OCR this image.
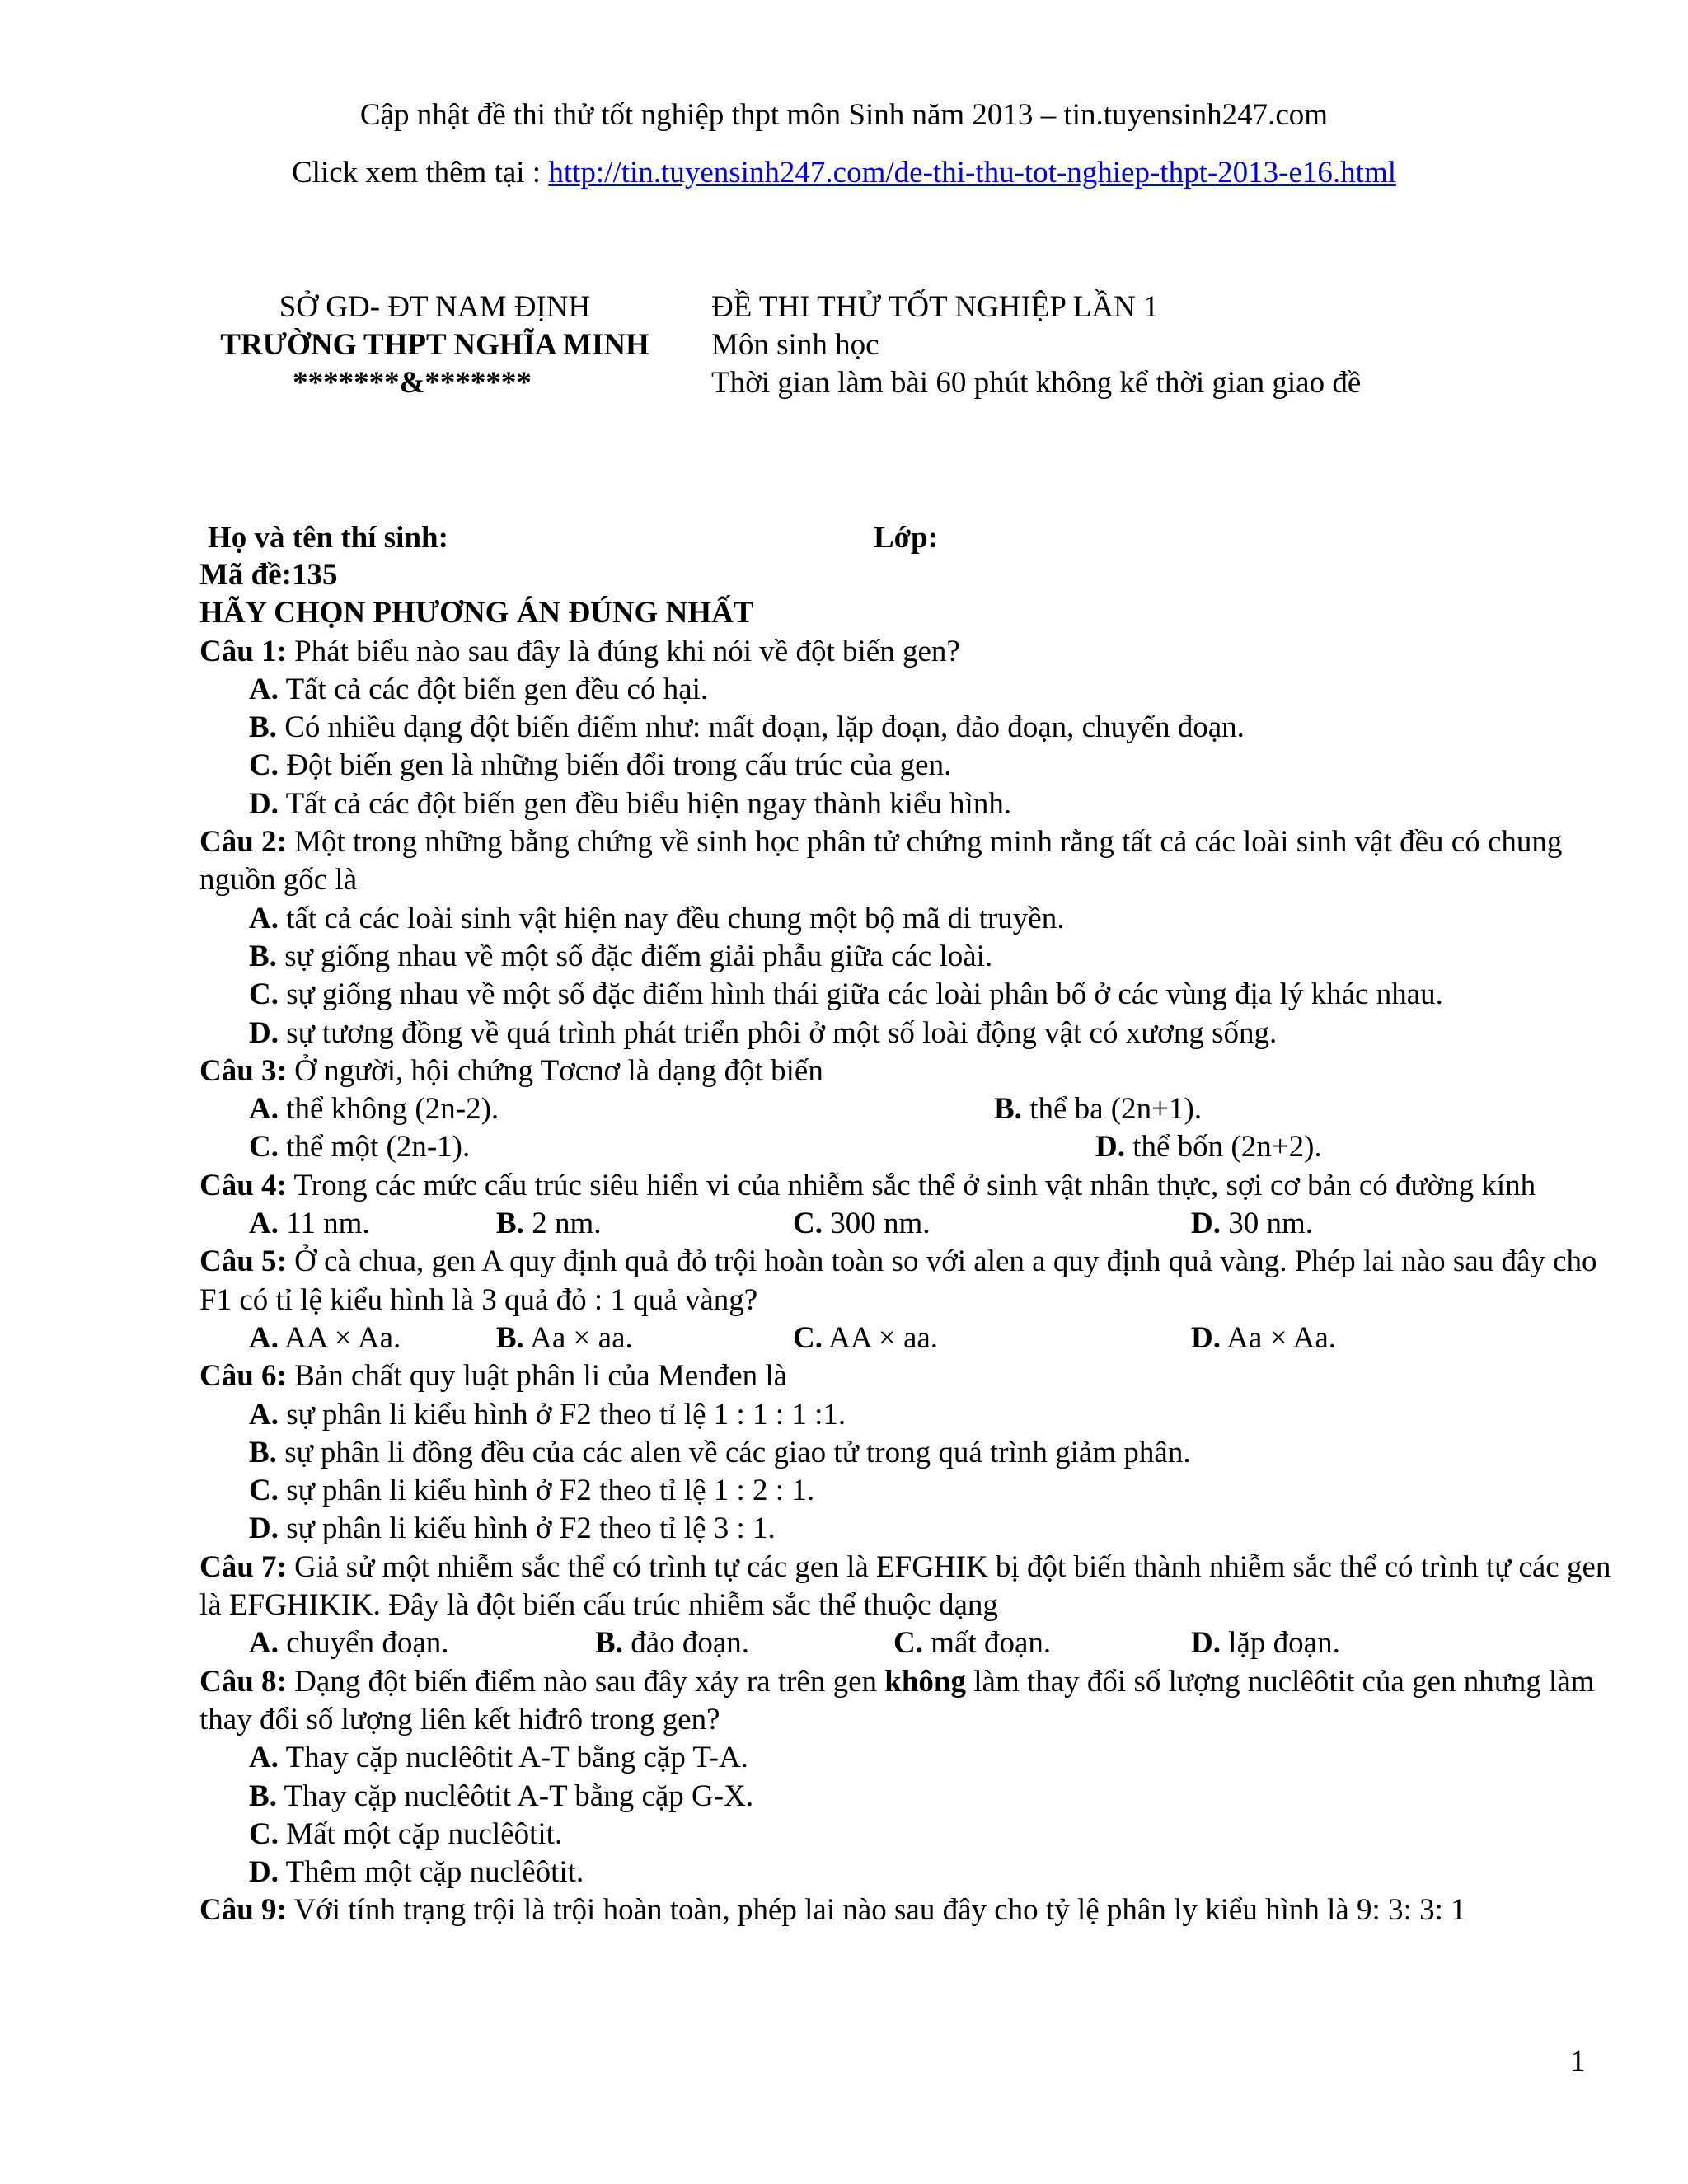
Cập nhật đề thi thử tốt nghiệp thpt môn Sinh năm 2013 – tin.tuyensinh247.com
Click xem thêm tại : http://tin.tuyensinh247.com/de-thi-thu-tot-nghiep-thpt-2013-e16.html
SỞ GD- ĐT NAM ĐỊNH
TRƯỜNG THPT NGHĨA MINH
*******&*******
ĐỀ THI THỬ TỐT NGHIỆP LẦN 1
Môn sinh học
Thời gian làm bài 60 phút không kể thời gian giao đề
Họ và tên thí sinh:	Lớp:
Mã đề:135
HÃY CHỌN PHƯƠNG ÁN ĐÚNG NHẤT
Câu 1: Phát biểu nào sau đây là đúng khi nói về đột biến gen?
A. Tất cả các đột biến gen đều có hại.
B. Có nhiều dạng đột biến điểm như: mất đoạn, lặp đoạn, đảo đoạn, chuyển đoạn.
C. Đột biến gen là những biến đổi trong cấu trúc của gen.
D. Tất cả các đột biến gen đều biểu hiện ngay thành kiểu hình.
Câu 2: Một trong những bằng chứng về sinh học phân tử chứng minh rằng tất cả các loài sinh vật đều có chung nguồn gốc là
A. tất cả các loài sinh vật hiện nay đều chung một bộ mã di truyền.
B. sự giống nhau về một số đặc điểm giải phẫu giữa các loài.
C. sự giống nhau về một số đặc điểm hình thái giữa các loài phân bố ở các vùng địa lý khác nhau.
D. sự tương đồng về quá trình phát triển phôi ở một số loài động vật có xương sống.
Câu 3: Ở người, hội chứng Tơcnơ là dạng đột biến
A. thể không (2n-2).	B. thể ba (2n+1).
C. thể một (2n-1).	D. thể bốn (2n+2).
Câu 4: Trong các mức cấu trúc siêu hiển vi của nhiễm sắc thể ở sinh vật nhân thực, sợi cơ bản có đường kính
A. 11 nm.	B. 2 nm.	C. 300 nm.	D. 30 nm.
Câu 5: Ở cà chua, gen A quy định quả đỏ trội hoàn toàn so với alen a quy định quả vàng. Phép lai nào sau đây cho F1 có tỉ lệ kiểu hình là 3 quả đỏ : 1 quả vàng?
A. AA × Aa.	B. Aa × aa.	C. AA × aa.	D. Aa × Aa.
Câu 6: Bản chất quy luật phân li của Menđen là
A. sự phân li kiểu hình ở F2 theo tỉ lệ 1 : 1 : 1 :1.
B. sự phân li đồng đều của các alen về các giao tử trong quá trình giảm phân.
C. sự phân li kiểu hình ở F2 theo tỉ lệ 1 : 2 : 1.
D. sự phân li kiểu hình ở F2 theo tỉ lệ 3 : 1.
Câu 7: Giả sử một nhiễm sắc thể có trình tự các gen là EFGHIK bị đột biến thành nhiễm sắc thể có trình tự các gen là EFGHIKIK. Đây là đột biến cấu trúc nhiễm sắc thể thuộc dạng
A. chuyển đoạn.	B. đảo đoạn.	C. mất đoạn.	D. lặp đoạn.
Câu 8: Dạng đột biến điểm nào sau đây xảy ra trên gen không làm thay đổi số lượng nuclêôtit của gen nhưng làm thay đổi số lượng liên kết hiđrô trong gen?
A. Thay cặp nuclêôtit A-T bằng cặp T-A.
B. Thay cặp nuclêôtit A-T bằng cặp G-X.
C. Mất một cặp nuclêôtit.
D. Thêm một cặp nuclêôtit.
Câu 9: Với tính trạng trội là trội hoàn toàn, phép lai nào sau đây cho tỷ lệ phân ly kiểu hình là 9: 3: 3: 1
1
